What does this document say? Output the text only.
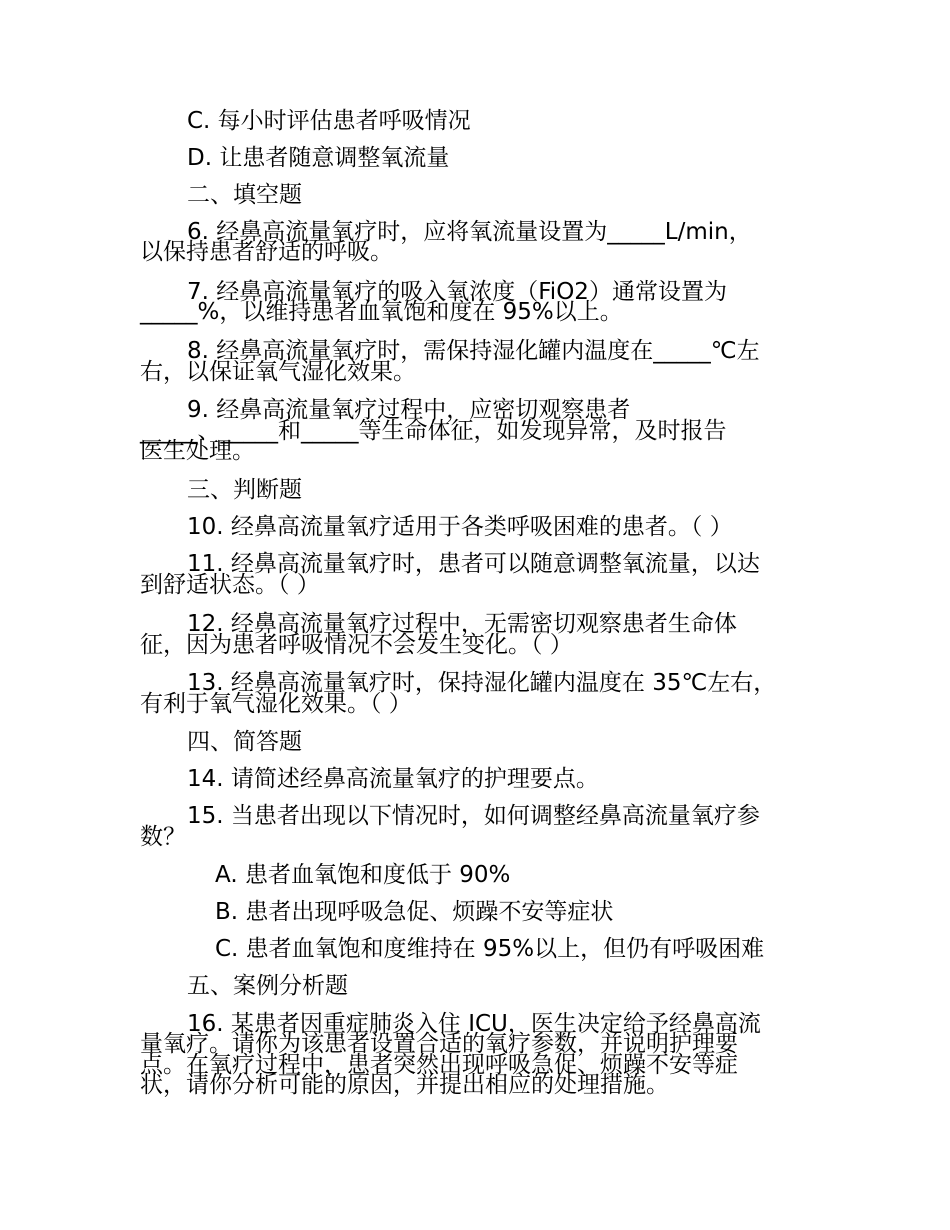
C. 每小时评估患者呼吸情况
D. 让患者随意调整氧流量
二、填空题
6. 经鼻高流量氧疗时，应将氧流量设置为_____L/min，
以保持患者舒适的呼吸。
7. 经鼻高流量氧疗的吸入氧浓度（FiO2）通常设置为
_____%，以维持患者血氧饱和度在 95%以上。
8. 经鼻高流量氧疗时，需保持湿化罐内温度在_____℃左
右，以保证氧气湿化效果。
9. 经鼻高流量氧疗过程中，应密切观察患者
_____、_____和_____等生命体征，如发现异常，及时报告
医生处理。
三、判断题
10. 经鼻高流量氧疗适用于各类呼吸困难的患者。（ ）
11. 经鼻高流量氧疗时，患者可以随意调整氧流量，以达
到舒适状态。（ ）
12. 经鼻高流量氧疗过程中，无需密切观察患者生命体
征，因为患者呼吸情况不会发生变化。（ ）
13. 经鼻高流量氧疗时，保持湿化罐内温度在 35℃左右，
有利于氧气湿化效果。（ ）
四、简答题
14. 请简述经鼻高流量氧疗的护理要点。
15. 当患者出现以下情况时，如何调整经鼻高流量氧疗参
数？
A. 患者血氧饱和度低于 90%
B. 患者出现呼吸急促、烦躁不安等症状
C. 患者血氧饱和度维持在 95%以上，但仍有呼吸困难
五、案例分析题
16. 某患者因重症肺炎入住 ICU，医生决定给予经鼻高流
量氧疗。请你为该患者设置合适的氧疗参数，并说明护理要
点。在氧疗过程中，患者突然出现呼吸急促、烦躁不安等症
状，请你分析可能的原因，并提出相应的处理措施。
